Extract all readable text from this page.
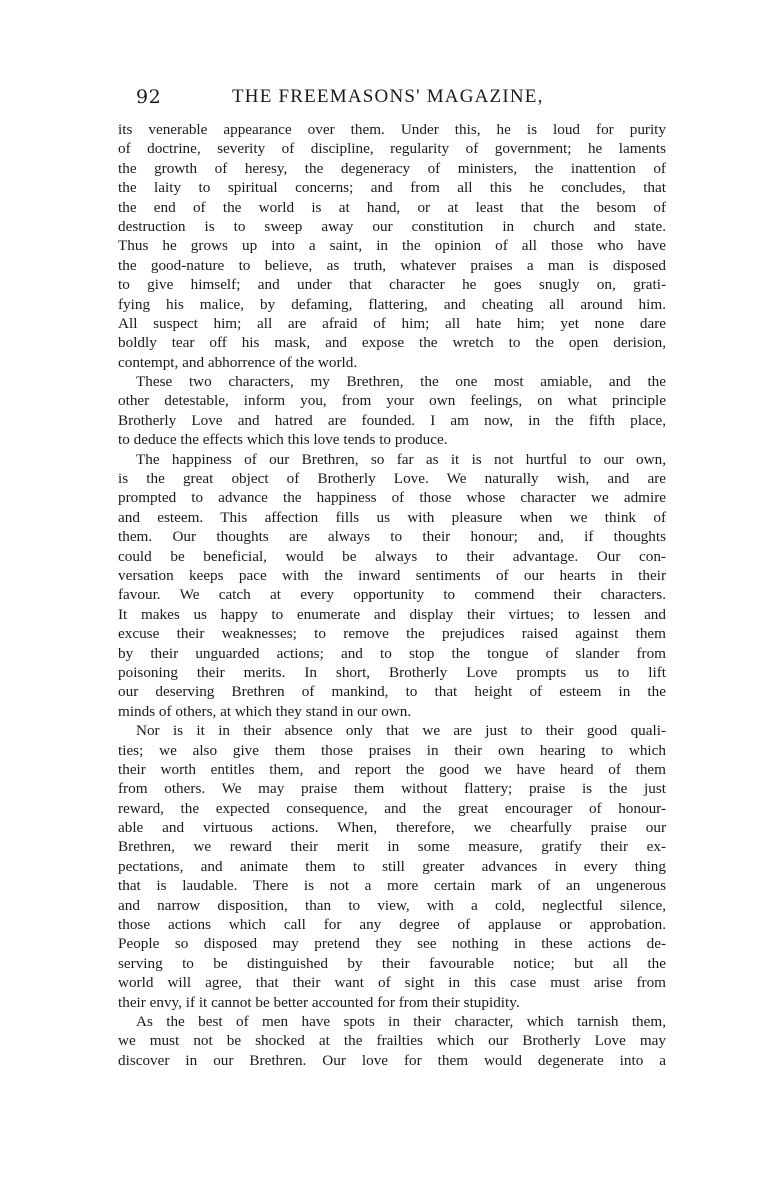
92	THE FREEMASONS' MAGAZINE,
its venerable appearance over them. Under this, he is loud for purity
of doctrine, severity of discipline, regularity of government; he laments
the growth of heresy, the degeneracy of ministers, the inattention of
the laity to spiritual concerns; and from all this he concludes, that
the end of the world is at hand, or at least that the besom of
destruction is to sweep away our constitution in church and state.
Thus he grows up into a saint, in the opinion of all those who have
the good-nature to believe, as truth, whatever praises a man is disposed
to give himself; and under that character he goes snugly on, grati-
fying his malice, by defaming, flattering, and cheating all around him.
All suspect him; all are afraid of him; all hate him; yet none dare
boldly tear off his mask, and expose the wretch to the open derision,
contempt, and abhorrence of the world.
These two characters, my Brethren, the one most amiable, and the
other detestable, inform you, from your own feelings, on what principle
Brotherly Love and hatred are founded. I am now, in the fifth place,
to deduce the effects which this love tends to produce.
The happiness of our Brethren, so far as it is not hurtful to our own,
is the great object of Brotherly Love. We naturally wish, and are
prompted to advance the happiness of those whose character we admire
and esteem. This affection fills us with pleasure when we think of
them. Our thoughts are always to their honour; and, if thoughts
could be beneficial, would be always to their advantage. Our con-
versation keeps pace with the inward sentiments of our hearts in their
favour. We catch at every opportunity to commend their characters.
It makes us happy to enumerate and display their virtues; to lessen and
excuse their weaknesses; to remove the prejudices raised against them
by their unguarded actions; and to stop the tongue of slander from
poisoning their merits. In short, Brotherly Love prompts us to lift
our deserving Brethren of mankind, to that height of esteem in the
minds of others, at which they stand in our own.
Nor is it in their absence only that we are just to their good quali-
ties; we also give them those praises in their own hearing to which
their worth entitles them, and report the good we have heard of them
from others. We may praise them without flattery; praise is the just
reward, the expected consequence, and the great encourager of honour-
able and virtuous actions. When, therefore, we chearfully praise our
Brethren, we reward their merit in some measure, gratify their ex-
pectations, and animate them to still greater advances in every thing
that is laudable. There is not a more certain mark of an ungenerous
and narrow disposition, than to view, with a cold, neglectful silence,
those actions which call for any degree of applause or approbation.
People so disposed may pretend they see nothing in these actions de-
serving to be distinguished by their favourable notice; but all the
world will agree, that their want of sight in this case must arise from
their envy, if it cannot be better accounted for from their stupidity.
As the best of men have spots in their character, which tarnish them,
we must not be shocked at the frailties which our Brotherly Love may
discover in our Brethren. Our love for them would degenerate into a
